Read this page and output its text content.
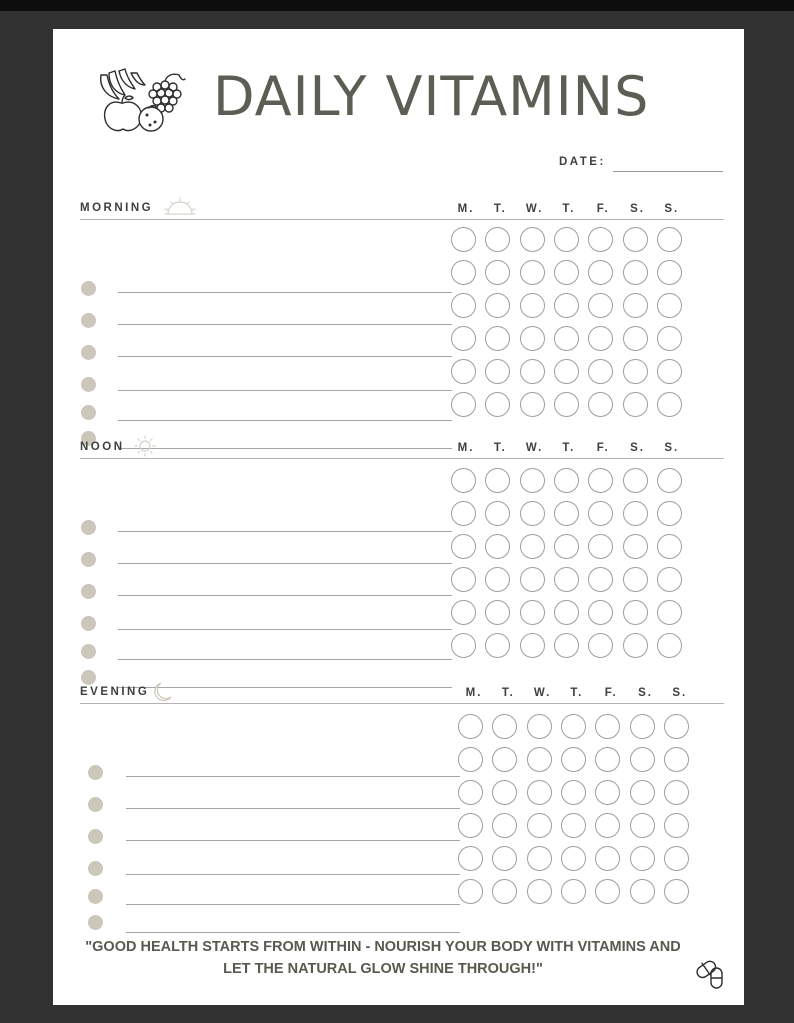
DAILY VITAMINS
DATE:
MORNING	M.	T.	W.	T.	F.	S.	S.
NOON	M.	T.	W.	T.	F.	S.	S.
EVENING	M.	T.	W.	T.	F.	S.	S.

"GOOD HEALTH STARTS FROM WITHIN - NOURISH YOUR BODY WITH VITAMINS AND
LET THE NATURAL GLOW SHINE THROUGH!"
